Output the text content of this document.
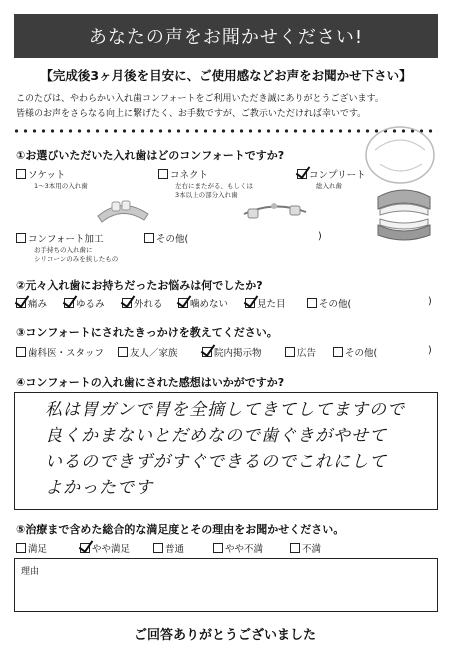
あなたの声をお聞かせください!
【完成後3ヶ月後を目安に、ご使用感などお声をお聞かせ下さい】
このたびは、やわらかい入れ歯コンフォートをご利用いただき誠にありがとうございます。
皆様のお声をさらなる向上に繋げたく、お手数ですが、ご教示いただければ幸いです。
①お選びいただいた入れ歯はどのコンフォートですか?
ソケット
1～3本用の入れ歯
コネクト
左右にまたがる、もしくは
3本以上の部分入れ歯
コンプリート
総入れ歯
コンフォート加工
お手持ちの入れ歯に
シリコーンのみを挟したもの
その他(	)
②元々入れ歯にお持ちだったお悩みは何でしたか?
痛み	ゆるみ	外れる	噛めない	見た目	その他(	)
③コンフォートにされたきっかけを教えてください。
歯科医・スタッフ	友人／家族	院内掲示物	広告	その他(	)
④コンフォートの入れ歯にされた感想はいかがですか?
私は胃ガンで胃を全摘してきてしてますので
良くかまないとだめなので歯ぐきがやせて
いるのできずがすぐできるのでこれにして
よかったです
⑤治療まで含めた総合的な満足度とその理由をお聞かせください。
満足	やや満足	普通	やや不満	不満
理由
ご回答ありがとうございました
